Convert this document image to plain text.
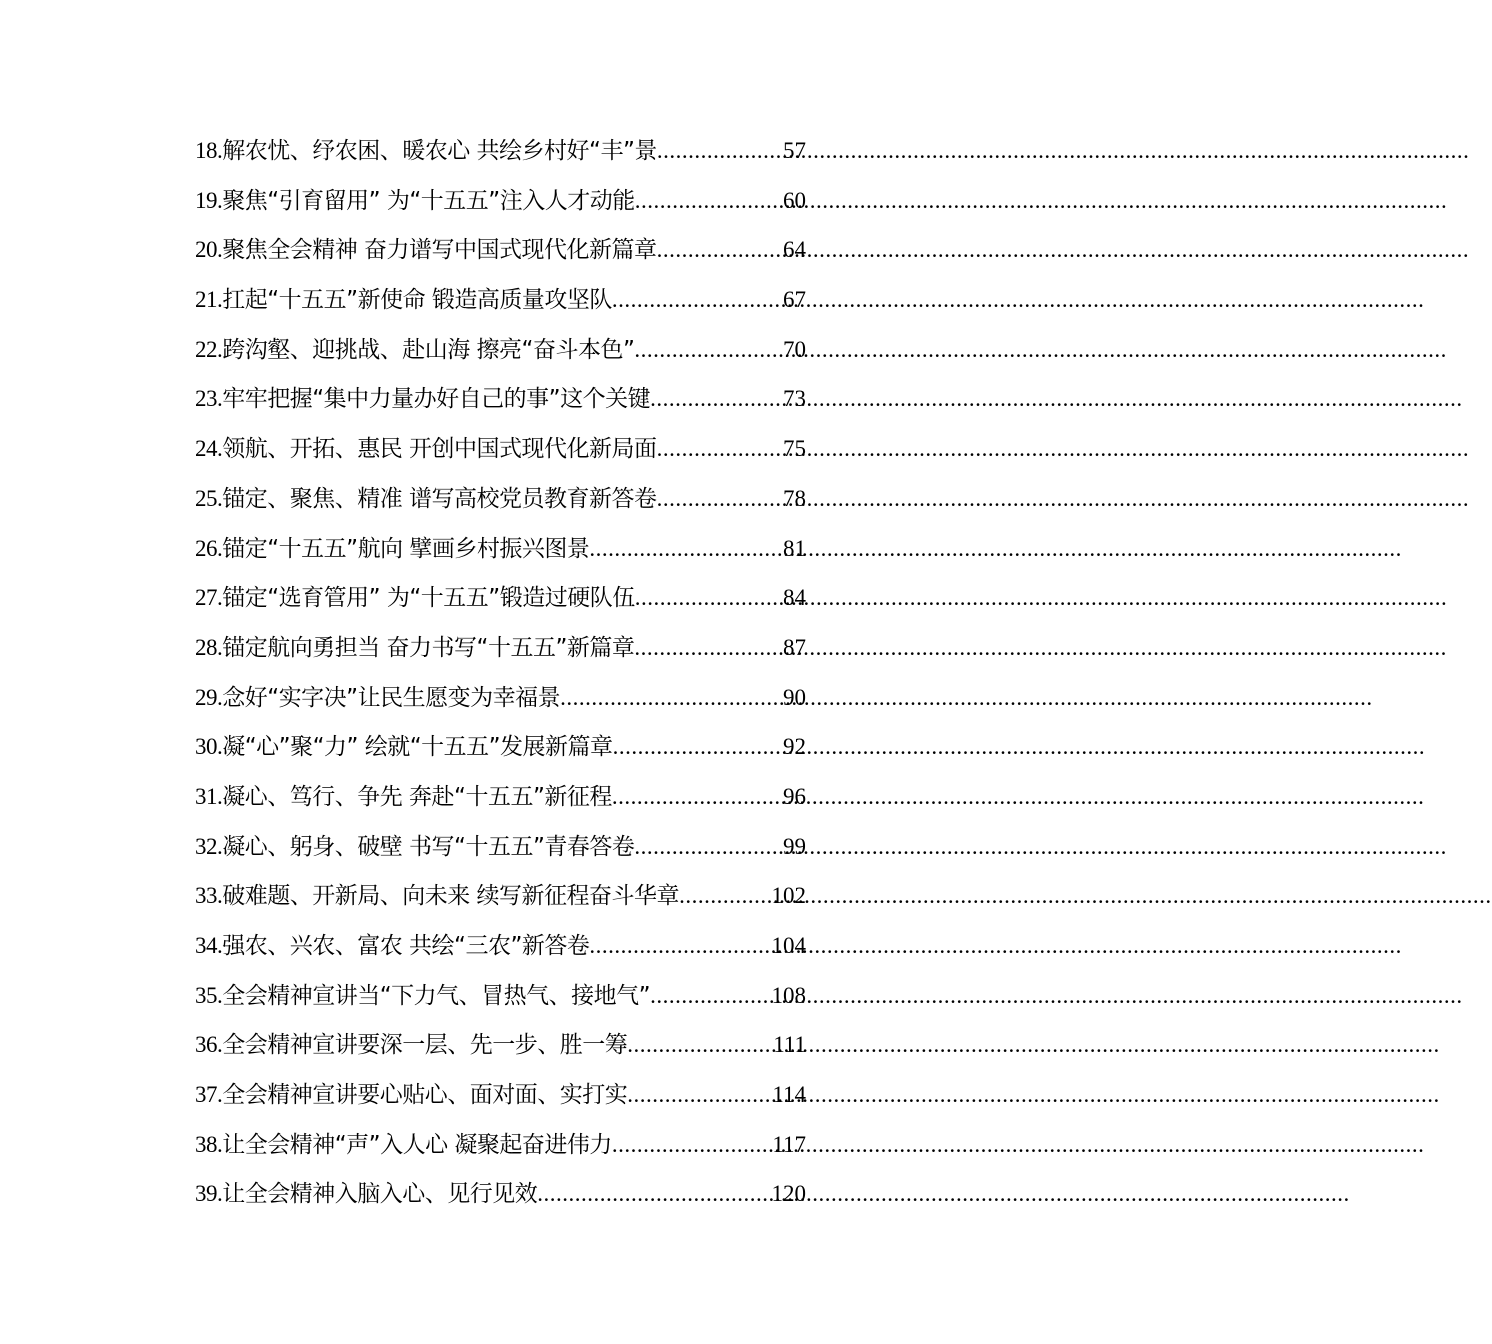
18.解农忧、纾农困、暖农心 共绘乡村好“丰”景 .....	57
19.聚焦“引育留用” 为“十五五”注入人才动能 .....	60
20.聚焦全会精神 奋力谱写中国式现代化新篇章 .....	64
21.扛起“十五五”新使命 锻造高质量攻坚队 .....	67
22.跨沟壑、迎挑战、赴山海 擦亮“奋斗本色” .....	70
23.牢牢把握“集中力量办好自己的事”这个关键 .....	73
24.领航、开拓、惠民 开创中国式现代化新局面 .....	75
25.锚定、聚焦、精准 谱写高校党员教育新答卷 .....	78
26.锚定“十五五”航向 擘画乡村振兴图景 .....	81
27.锚定“选育管用” 为“十五五”锻造过硬队伍 .....	84
28.锚定航向勇担当 奋力书写“十五五”新篇章 .....	87
29.念好“实字决”让民生愿变为幸福景 .....	90
30.凝“心”聚“力” 绘就“十五五”发展新篇章 .....	92
31.凝心、笃行、争先 奔赴“十五五”新征程 .....	96
32.凝心、躬身、破壁 书写“十五五”青春答卷 .....	99
33.破难题、开新局、向未来 续写新征程奋斗华章 .....	102
34.强农、兴农、富农 共绘“三农”新答卷 .....	104
35.全会精神宣讲当“下力气、冒热气、接地气” .....	108
36.全会精神宣讲要深一层、先一步、胜一筹 .....	111
37.全会精神宣讲要心贴心、面对面、实打实 .....	114
38.让全会精神“声”入人心 凝聚起奋进伟力 .....	117
39.让全会精神入脑入心、见行见效 .....	120
